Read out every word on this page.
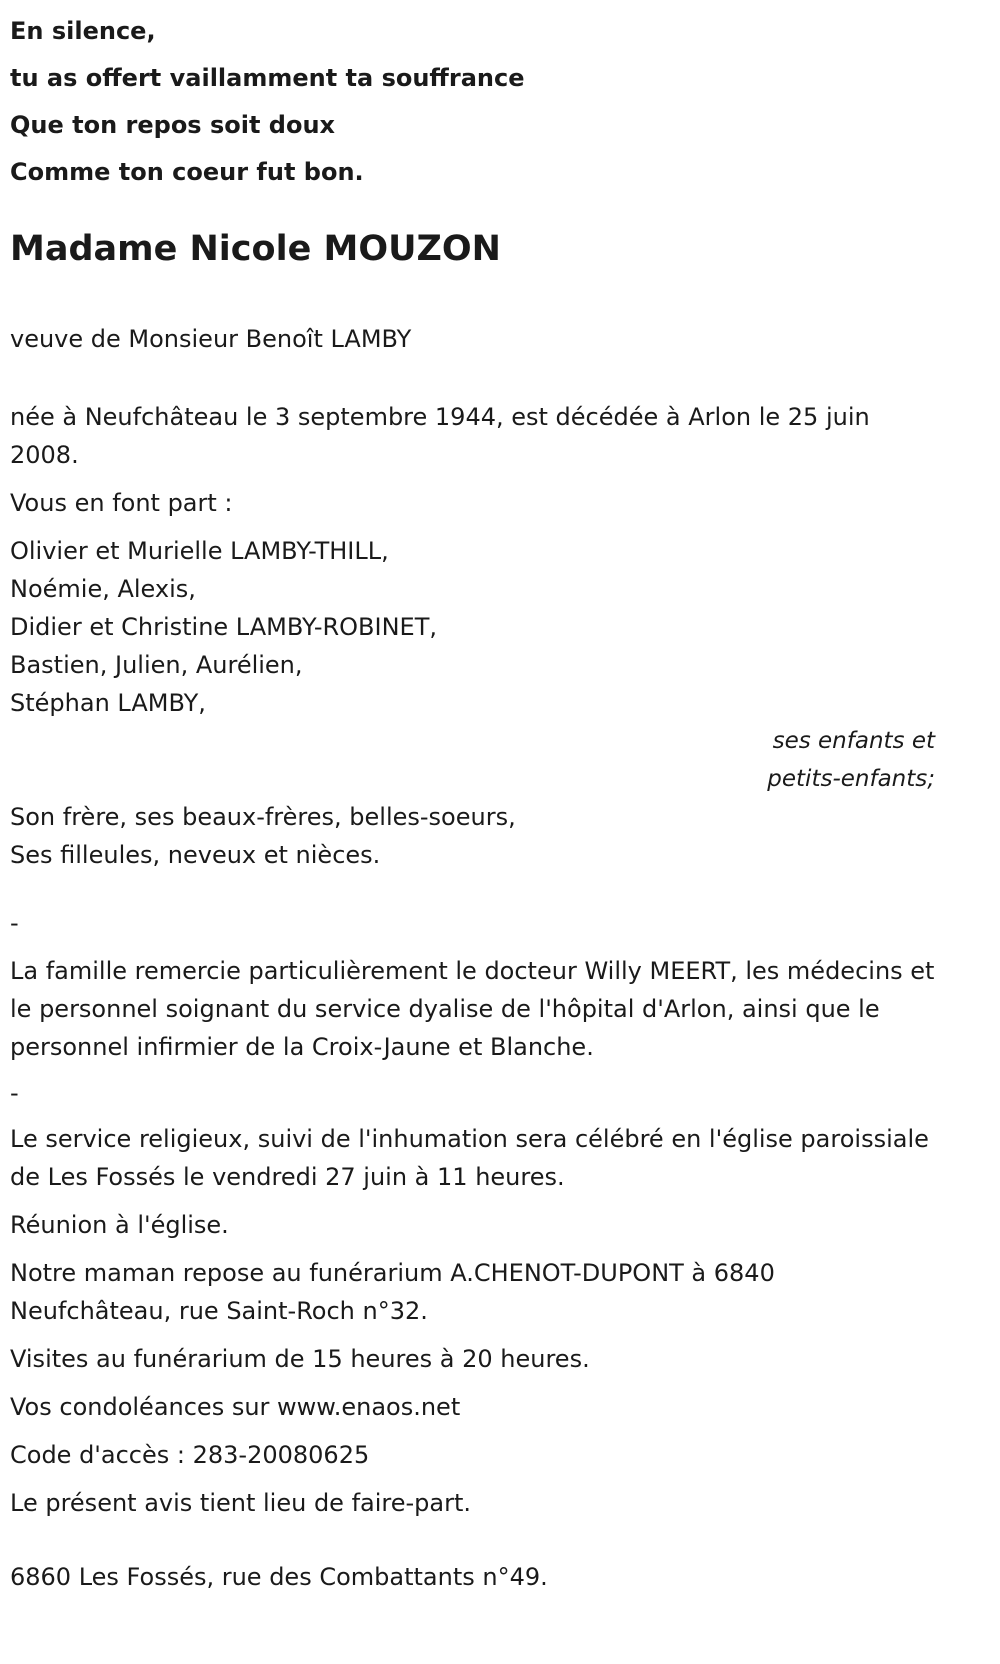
En silence,

tu as offert vaillamment ta souffrance

Que ton repos soit doux

Comme ton coeur fut bon.

Madame Nicole MOUZON

veuve de Monsieur Benoît LAMBY

née à Neufchâteau le 3 septembre 1944, est décédée à Arlon le 25 juin 2008.

Vous en font part :

Olivier et Murielle LAMBY-THILL,

Noémie, Alexis,

Didier et Christine LAMBY-ROBINET,

Bastien, Julien, Aurélien,

Stéphan LAMBY,

ses enfants et

petits-enfants;

Son frère, ses beaux-frères, belles-soeurs,

Ses filleules, neveux et nièces.

-

La famille remercie particulièrement le docteur Willy MEERT, les médecins et le personnel soignant du service dyalise de l'hôpital d'Arlon, ainsi que le personnel infirmier de la Croix-Jaune et Blanche.

-

Le service religieux, suivi de l'inhumation sera célébré en l'église paroissiale de Les Fossés le vendredi 27 juin à 11 heures.

Réunion à l'église.

Notre maman repose au funérarium A.CHENOT-DUPONT à 6840 Neufchâteau, rue Saint-Roch n°32.

Visites au funérarium de 15 heures à 20 heures.

Vos condoléances sur www.enaos.net

Code d'accès : 283-20080625

Le présent avis tient lieu de faire-part.

6860 Les Fossés, rue des Combattants n°49.
